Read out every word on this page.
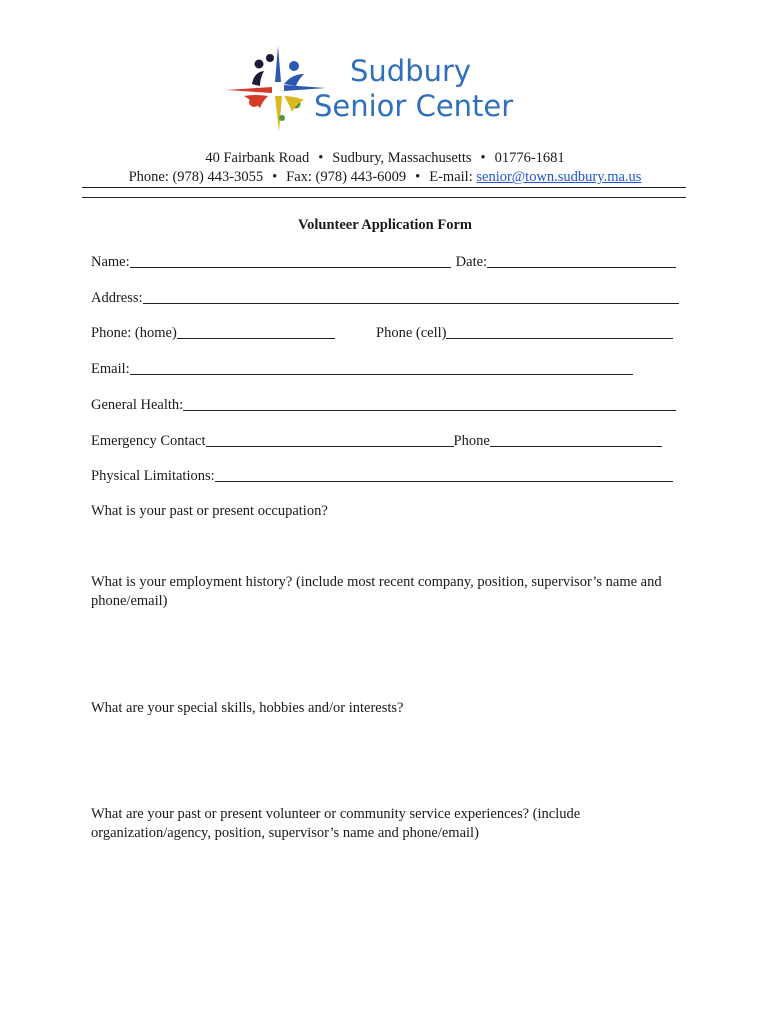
Sudbury
Senior Center
40 Fairbank Road • Sudbury, Massachusetts • 01776-1681
Phone: (978) 443-3055 • Fax: (978) 443-6009 • E-mail: senior@town.sudbury.ma.us
Volunteer Application Form
Name:	Date:
Address:
Phone: (home)	Phone (cell)
Email:
General Health:
Emergency Contact	Phone
Physical Limitations:
What is your past or present occupation?
What is your employment history? (include most recent company, position, supervisor’s name and phone/email)
What are your special skills, hobbies and/or interests?
What are your past or present volunteer or community service experiences? (include organization/agency, position, supervisor’s name and phone/email)
